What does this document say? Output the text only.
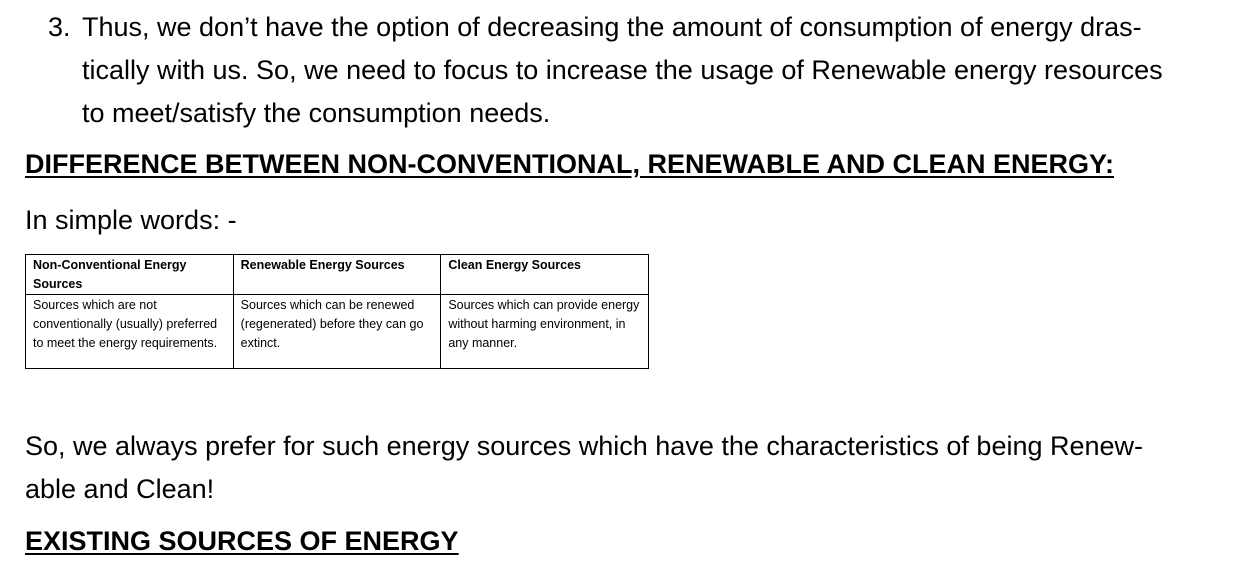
3. Thus, we don’t have the option of decreasing the amount of consumption of energy dras-
tically with us. So, we need to focus to increase the usage of Renewable energy resources
to meet/satisfy the consumption needs.
DIFFERENCE BETWEEN NON-CONVENTIONAL, RENEWABLE AND CLEAN ENERGY:
In simple words: -
Non-Conventional Energy Sources	Renewable Energy Sources	Clean Energy Sources
Sources which are not conventionally (usually) preferred to meet the energy requirements.	Sources which can be renewed (regenerated) before they can go extinct.	Sources which can provide energy without harming environment, in any manner.
So, we always prefer for such energy sources which have the characteristics of being Renew-
able and Clean!
EXISTING SOURCES OF ENERGY
